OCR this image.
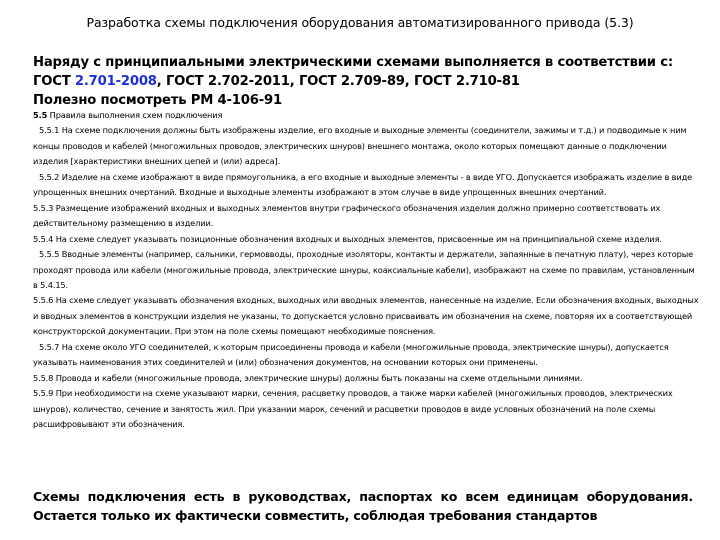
Разработка схемы подключения оборудования автоматизированного привода (5.3)
Наряду с принципиальными электрическими схемами выполняется в соответствии с:
ГОСТ 2.701-2008, ГОСТ 2.702-2011, ГОСТ 2.709-89, ГОСТ 2.710-81
Полезно посмотреть РМ 4-106-91

5.5 Правила выполнения схем подключения

5.5.1 На схеме подключения должны быть изображены изделие, его входные и выходные элементы (соединители, зажимы и т.д.) и подводимые к ним концы проводов и кабелей (многожильных проводов, электрических шнуров) внешнего монтажа, около которых помещают данные о подключении изделия [характеристики внешних цепей и (или) адреса].

5.5.2 Изделие на схеме изображают в виде прямоугольника, а его входные и выходные элементы - в виде УГО. Допускается изображать изделие в виде упрощенных внешних очертаний. Входные и выходные элементы изображают в этом случае в виде упрощенных внешних очертаний.

5.5.3 Размещение изображений входных и выходных элементов внутри графического обозначения изделия должно примерно соответствовать их действительному размещению в изделии.

5.5.4 На схеме следует указывать позиционные обозначения входных и выходных элементов, присвоенные им на принципиальной схеме изделия.

5.5.5 Вводные элементы (например, сальники, гермовводы, проходные изоляторы, контакты и держатели, запаянные в печатную плату), через которые проходят провода или кабели (многожильные провода, электрические шнуры, коаксиальные кабели), изображают на схеме по правилам, установленным в 5.4.15.

5.5.6 На схеме следует указывать обозначения входных, выходных или вводных элементов, нанесенные на изделие. Если обозначения входных, выходных и вводных элементов в конструкции изделия не указаны, то допускается условно присваивать им обозначения на схеме, повторяя их в соответствующей конструкторской документации. При этом на поле схемы помещают необходимые пояснения.

5.5.7 На схеме около УГО соединителей, к которым присоединены провода и кабели (многожильные провода, электрические шнуры), допускается указывать наименования этих соединителей и (или) обозначения документов, на основании которых они применены.

5.5.8 Провода и кабели (многожильные провода, электрические шнуры) должны быть показаны на схеме отдельными линиями.

5.5.9 При необходимости на схеме указывают марки, сечения, расцветку проводов, а также марки кабелей (многожильных проводов, электрических шнуров), количество, сечение и занятость жил. При указании марок, сечений и расцветки проводов в виде условных обозначений на поле схемы расшифровывают эти обозначения.

Схемы подключения есть в руководствах, паспортах ко всем единицам оборудования.
Остается только их фактически совместить, соблюдая требования стандартов
